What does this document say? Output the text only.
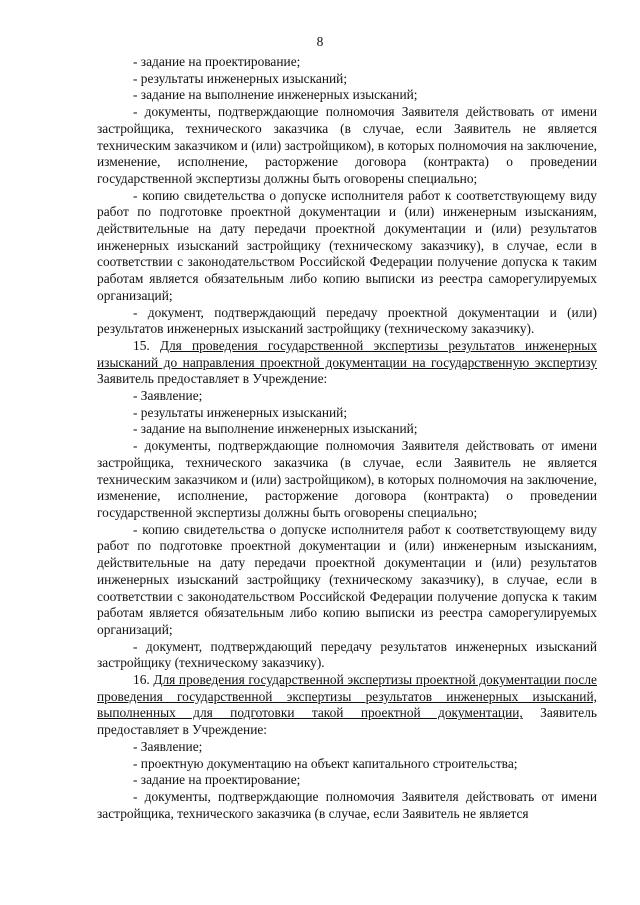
8

- задание на проектирование;

- результаты инженерных изысканий;

- задание на выполнение инженерных изысканий;

- документы, подтверждающие полномочия Заявителя действовать от имени застройщика, технического заказчика (в случае, если Заявитель не является техническим заказчиком и (или) застройщиком), в которых полномочия на заключение, изменение, исполнение, расторжение договора (контракта) о проведении государственной экспертизы должны быть оговорены специально;

- копию свидетельства о допуске исполнителя работ к соответствующему виду работ по подготовке проектной документации и (или) инженерным изысканиям, действительные на дату передачи проектной документации и (или) результатов инженерных изысканий застройщику (техническому заказчику), в случае, если в соответствии с законодательством Российской Федерации получение допуска к таким работам является обязательным либо копию выписки из реестра саморегулируемых организаций;

- документ, подтверждающий передачу проектной документации и (или) результатов инженерных изысканий застройщику (техническому заказчику).

15. Для проведения государственной экспертизы результатов инженерных изысканий до направления проектной документации на государственную экспертизу Заявитель предоставляет в Учреждение:

- Заявление;

- результаты инженерных изысканий;

- задание на выполнение инженерных изысканий;

- документы, подтверждающие полномочия Заявителя действовать от имени застройщика, технического заказчика (в случае, если Заявитель не является техническим заказчиком и (или) застройщиком), в которых полномочия на заключение, изменение, исполнение, расторжение договора (контракта) о проведении государственной экспертизы должны быть оговорены специально;

- копию свидетельства о допуске исполнителя работ к соответствующему виду работ по подготовке проектной документации и (или) инженерным изысканиям, действительные на дату передачи проектной документации и (или) результатов инженерных изысканий застройщику (техническому заказчику), в случае, если в соответствии с законодательством Российской Федерации получение допуска к таким работам является обязательным либо копию выписки из реестра саморегулируемых организаций;

- документ, подтверждающий передачу результатов инженерных изысканий застройщику (техническому заказчику).

16. Для проведения государственной экспертизы проектной документации после проведения государственной экспертизы результатов инженерных изысканий, выполненных для подготовки такой проектной документации, Заявитель предоставляет в Учреждение:

- Заявление;

- проектную документацию на объект капитального строительства;

- задание на проектирование;

- документы, подтверждающие полномочия Заявителя действовать от имени застройщика, технического заказчика (в случае, если Заявитель не является
